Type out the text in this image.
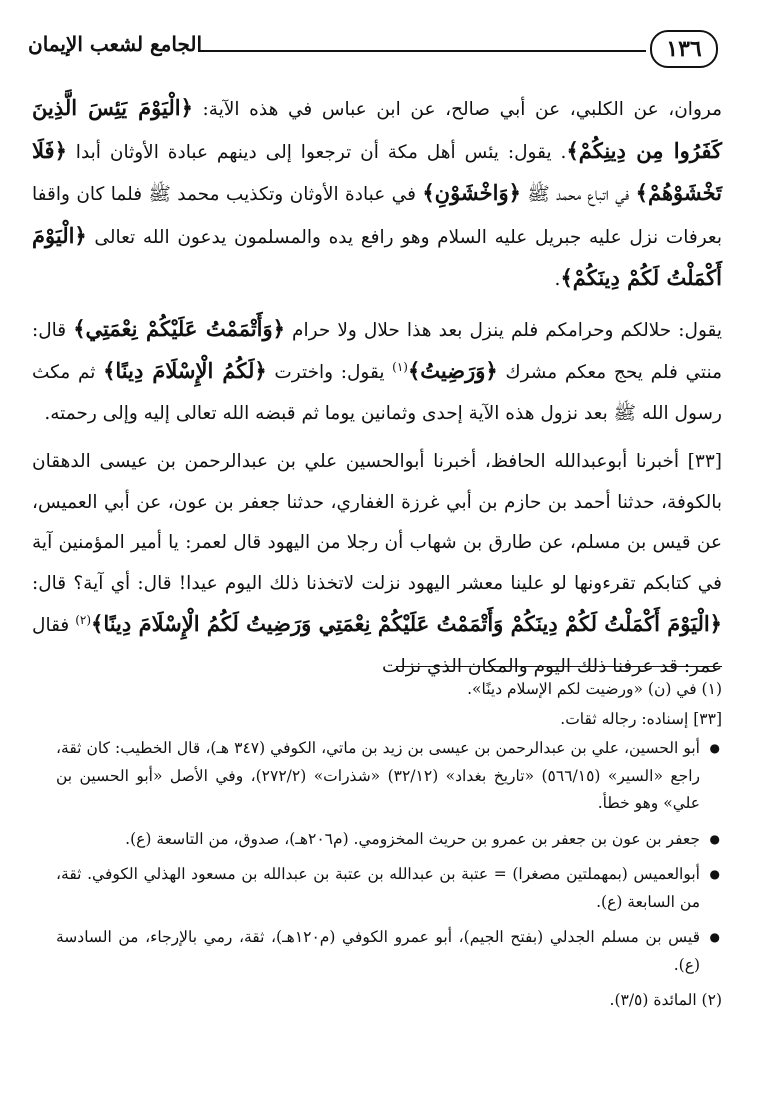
١٣٦
الجامع لشعب الإيمان

مروان، عن الكلبي، عن أبي صالح، عن ابن عباس في هذه الآية: ﴿الْيَوْمَ يَئِسَ الَّذِينَ كَفَرُوا مِن دِينِكُمْ﴾. يقول: يئس أهل مكة أن ترجعوا إلى دينهم عبادة الأوثان أبدا ﴿فَلَا تَخْشَوْهُمْ﴾ في اتباع محمد ﷺ ﴿وَاخْشَوْنِ﴾ في عبادة الأوثان وتكذيب محمد ﷺ فلما كان واقفا بعرفات نزل عليه جبريل عليه السلام وهو رافع يده والمسلمون يدعون الله تعالى ﴿الْيَوْمَ أَكْمَلْتُ لَكُمْ دِينَكُمْ﴾.

يقول: حلالكم وحرامكم فلم ينزل بعد هذا حلال ولا حرام ﴿وَأَتْمَمْتُ عَلَيْكُمْ نِعْمَتِي﴾ قال: منتي فلم يحج معكم مشرك ﴿وَرَضِيتُ﴾$^{(١)}$ يقول: واخترت ﴿لَكُمُ الْإِسْلَامَ دِينًا﴾ ثم مكث رسول الله ﷺ بعد نزول هذه الآية إحدى وثمانين يوما ثم قبضه الله تعالى إليه وإلى رحمته.

[٣٣] أخبرنا أبوعبدالله الحافظ، أخبرنا أبوالحسين علي بن عبدالرحمن بن عيسى الدهقان بالكوفة، حدثنا أحمد بن حازم بن أبي غرزة الغفاري، حدثنا جعفر بن عون، عن أبي العميس، عن قيس بن مسلم، عن طارق بن شهاب أن رجلا من اليهود قال لعمر: يا أمير المؤمنين آية في كتابكم تقرءونها لو علينا معشر اليهود نزلت لاتخذنا ذلك اليوم عيدا! قال: أي آية؟ قال: ﴿الْيَوْمَ أَكْمَلْتُ لَكُمْ دِينَكُمْ وَأَتْمَمْتُ عَلَيْكُمْ نِعْمَتِي وَرَضِيتُ لَكُمُ الْإِسْلَامَ دِينًا﴾$^{(٢)}$ فقال عمر: قد عرفنا ذلك اليوم والمكان الذي نزلت

(١) في (ن) «ورضيت لكم الإسلام دينًا».

[٣٣] إسناده: رجاله ثقات.

● أبو الحسين، علي بن عبدالرحمن بن عيسى بن زيد بن ماتي، الكوفي (٣٤٧ هـ)، قال الخطيب: كان ثقة، راجع «السير» (٥٦٦/١٥) «تاريخ بغداد» (٣٢/١٢) «شذرات» (٢٧٢/٢)، وفي الأصل «أبو الحسين بن علي» وهو خطأ.
● جعفر بن عون بن جعفر بن عمرو بن حريث المخزومي. (م٢٠٦هـ)، صدوق، من التاسعة (ع).
● أبوالعميس (بمهملتين مصغرا) = عتبة بن عبدالله بن عتبة بن عبدالله بن مسعود الهذلي الكوفي. ثقة، من السابعة (ع).
● قيس بن مسلم الجدلي (بفتح الجيم)، أبو عمرو الكوفي (م١٢٠هـ)، ثقة، رمي بالإرجاء، من السادسة (ع).

(٢) المائدة (٣/٥).
